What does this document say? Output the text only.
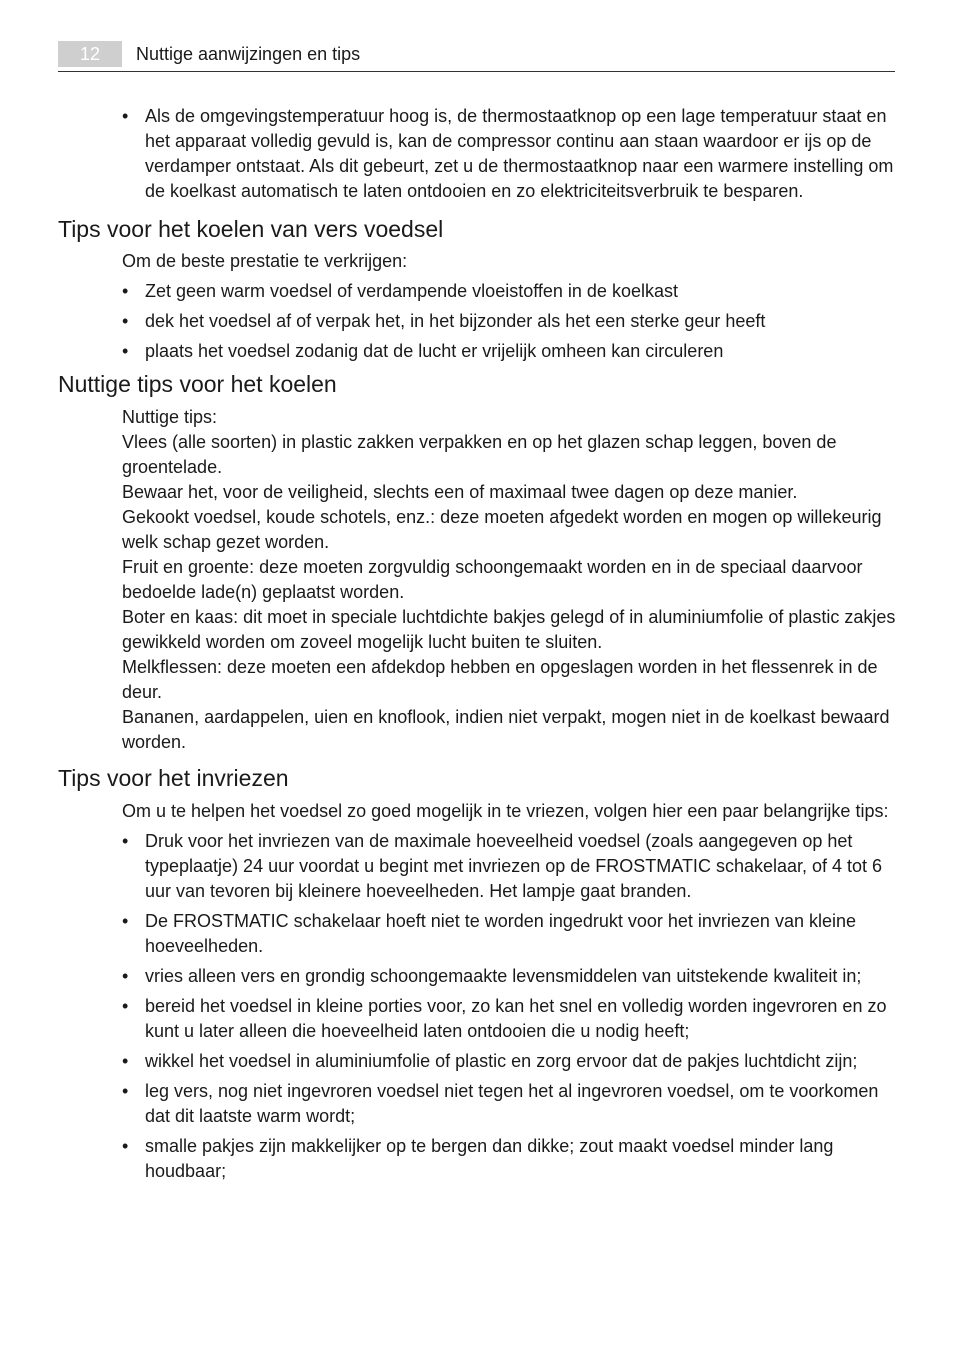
12	Nuttige aanwijzingen en tips
• Als de omgevingstemperatuur hoog is, de thermostaatknop op een lage temperatuur staat en het apparaat volledig gevuld is, kan de compressor continu aan staan waardoor er ijs op de verdamper ontstaat. Als dit gebeurt, zet u de thermostaatknop naar een warmere instelling om de koelkast automatisch te laten ontdooien en zo elektriciteitsverbruik te besparen.
Tips voor het koelen van vers voedsel

Om de beste prestatie te verkrijgen:

• Zet geen warm voedsel of verdampende vloeistoffen in de koelkast
• dek het voedsel af of verpak het, in het bijzonder als het een sterke geur heeft
• plaats het voedsel zodanig dat de lucht er vrijelijk omheen kan circuleren
Nuttige tips voor het koelen

Nuttige tips:

Vlees (alle soorten) in plastic zakken verpakken en op het glazen schap leggen, boven de groentelade.

Bewaar het, voor de veiligheid, slechts een of maximaal twee dagen op deze manier.

Gekookt voedsel, koude schotels, enz.: deze moeten afgedekt worden en mogen op willekeurig welk schap gezet worden.

Fruit en groente: deze moeten zorgvuldig schoongemaakt worden en in de speciaal daarvoor bedoelde lade(n) geplaatst worden.

Boter en kaas: dit moet in speciale luchtdichte bakjes gelegd of in aluminiumfolie of plastic zakjes gewikkeld worden om zoveel mogelijk lucht buiten te sluiten.

Melkflessen: deze moeten een afdekdop hebben en opgeslagen worden in het flessenrek in de deur.

Bananen, aardappelen, uien en knoflook, indien niet verpakt, mogen niet in de koelkast bewaard worden.

Tips voor het invriezen

Om u te helpen het voedsel zo goed mogelijk in te vriezen, volgen hier een paar belangrijke tips:

• Druk voor het invriezen van de maximale hoeveelheid voedsel (zoals aangegeven op het typeplaatje) 24 uur voordat u begint met invriezen op de FROSTMATIC schakelaar, of 4 tot 6 uur van tevoren bij kleinere hoeveelheden. Het lampje gaat branden.
• De FROSTMATIC schakelaar hoeft niet te worden ingedrukt voor het invriezen van kleine hoeveelheden.
• vries alleen vers en grondig schoongemaakte levensmiddelen van uitstekende kwaliteit in;
• bereid het voedsel in kleine porties voor, zo kan het snel en volledig worden ingevroren en zo kunt u later alleen die hoeveelheid laten ontdooien die u nodig heeft;
• wikkel het voedsel in aluminiumfolie of plastic en zorg ervoor dat de pakjes luchtdicht zijn;
• leg vers, nog niet ingevroren voedsel niet tegen het al ingevroren voedsel, om te voorkomen dat dit laatste warm wordt;
• smalle pakjes zijn makkelijker op te bergen dan dikke; zout maakt voedsel minder lang houdbaar;
